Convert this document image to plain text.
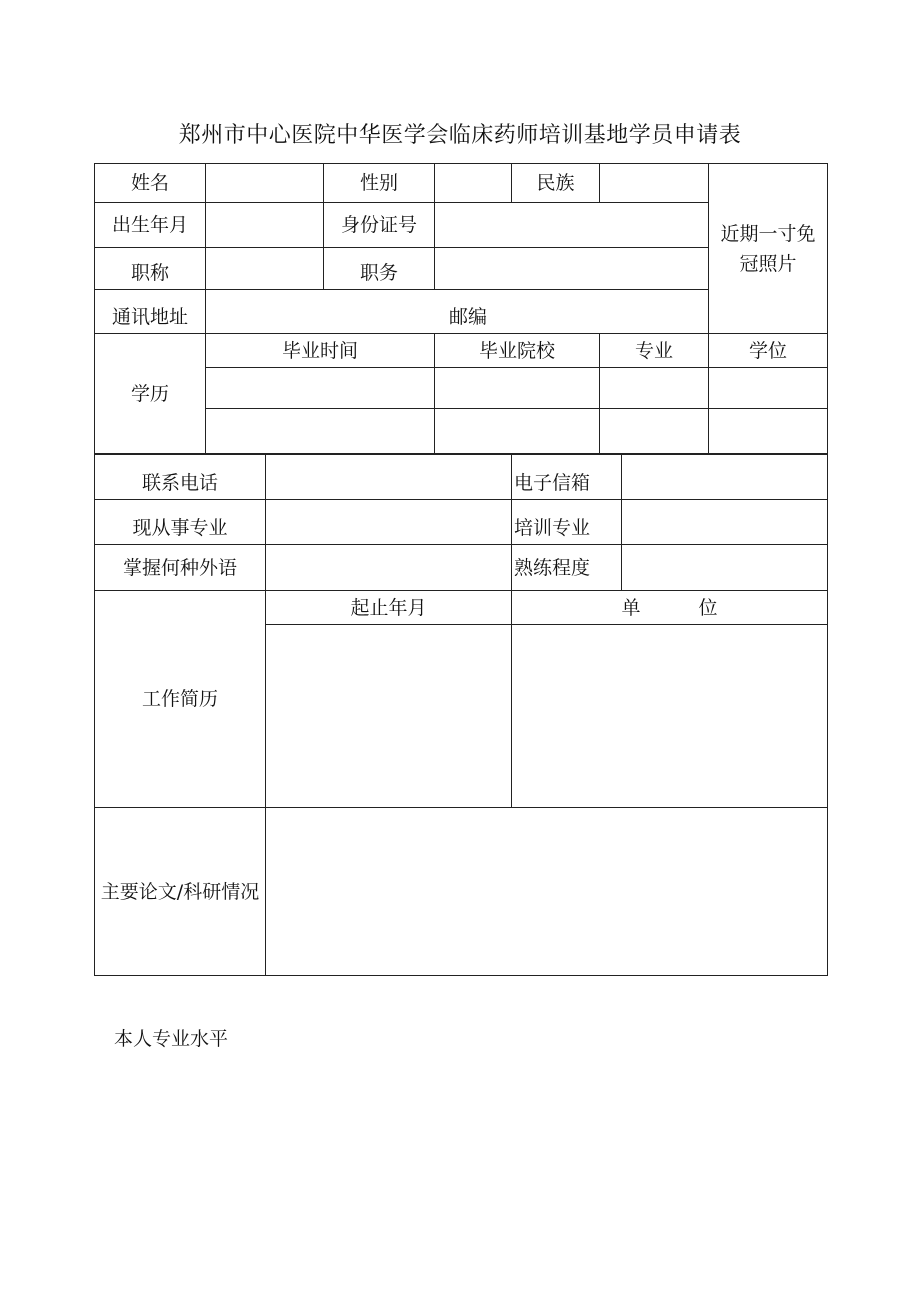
郑州市中心医院中华医学会临床药师培训基地学员申请表
姓名		性别		民族		近期一寸免冠照片
出生年月		身份证号				
职称		职务				
通讯地址	邮编					
学历	毕业时间		毕业院校		专业	学位

联系电话		电子信箱	
现从事专业		培训专业	
掌握何种外语		熟练程度	
工作简历	起止年月	单 位	

主要论文/科研情况			
本人专业水平
